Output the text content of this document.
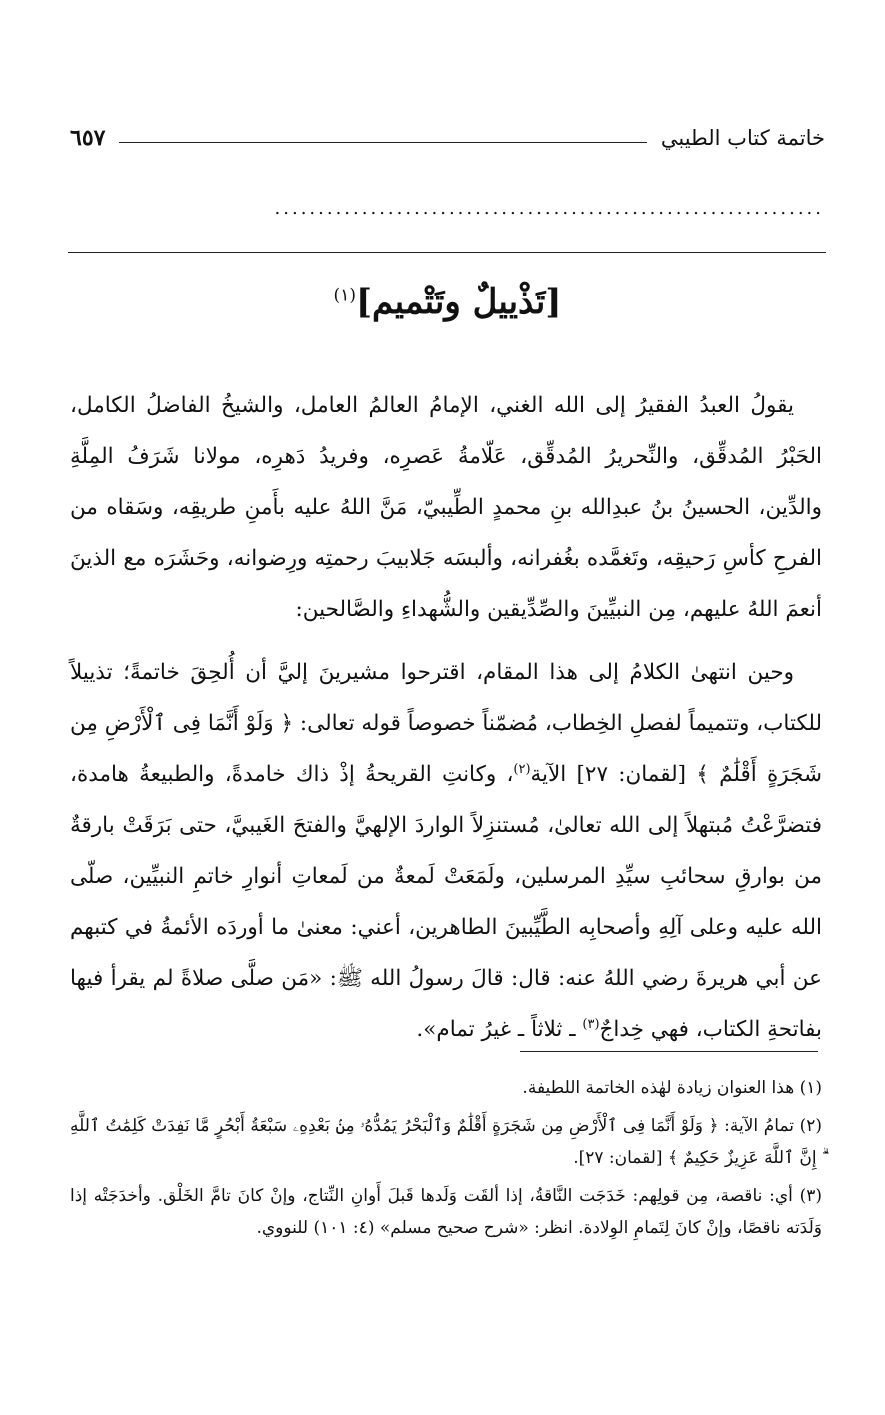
خاتمة كتاب الطيبي
٦٥٧
...............................................................
[تَذْييلٌ وتَتْميم]$^{(١)}$

يقولُ العبدُ الفقيرُ إلى الله الغني، الإمامُ العالمُ العامل، والشيخُ الفاضلُ الكامل، الحَبْرُ المُدقِّق، والنِّحريرُ المُدقِّق، عَلّامةُ عَصرِه، وفريدُ دَهرِه، مولانا شَرَفُ المِلَّةِ والدِّين، الحسينُ بنُ عبدِالله بنِ محمدٍ الطِّيبيّ، مَنَّ اللهُ عليه بأَمنِ طريقِه، وسَقاه من الفرحِ كأسِ رَحيقِه، وتَغمَّده بغُفرانه، وألبسَه جَلابيبَ رحمتِه ورِضوانه، وحَشَرَه مع الذينَ أنعمَ اللهُ عليهم، مِن النبيِّينَ والصِّدِّيقين والشُّهداءِ والصَّالحين:

وحين انتهىٰ الكلامُ إلى هذا المقام، اقترحوا مشيرينَ إليَّ أن أُلحِقَ خاتمةً؛ تذييلاً للكتاب، وتتميماً لفصلِ الخِطاب، مُضمّناً خصوصاً قوله تعالى: ﴿ وَلَوْ أَنَّمَا فِى ٱلْأَرْضِ مِن شَجَرَةٍ أَقْلَٰمٌ ﴾ [لقمان: ٢٧] الآية$^{(٢)}$، وكانتِ القريحةُ إذْ ذاك خامدةً، والطبيعةُ هامدة، فتضرَّعْتُ مُبتهلاً إلى الله تعالىٰ، مُستنزِلاً الواردَ الإلهيَّ والفتحَ الغَيبيَّ، حتى بَرَقَتْ بارقةٌ من بوارقِ سحائبِ سيِّدِ المرسلين، ولَمَعَتْ لَمعةٌ من لَمعاتِ أنوارِ خاتمِ النبيِّين، صلّى الله عليه وعلى آلِهِ وأصحابِه الطَّيِّبينَ الطاهرين، أعني: معنىٰ ما أوردَه الأئمةُ في كتبهم عن أبي هريرةَ رضي اللهُ عنه: قال: قالَ رسولُ الله ﷺ: «مَن صلَّى صلاةً لم يقرأ فيها بفاتحةِ الكتاب، فهي خِداجٌ$^{(٣)}$ ـ ثلاثاً ـ غيرُ تمام».

(١) هذا العنوان زيادة لهٰذه الخاتمة اللطيفة.

(٢) تمامُ الآية: ﴿ وَلَوْ أَنَّمَا فِى ٱلْأَرْضِ مِن شَجَرَةٍ أَقْلَٰمٌ وَٱلْبَحْرُ يَمُدُّهُۥ مِنۢ بَعْدِهِۦ سَبْعَةُ أَبْحُرٍ مَّا نَفِدَتْ كَلِمَٰتُ ٱللَّهِ ۗ إِنَّ ٱللَّهَ عَزِيزٌ حَكِيمٌ ﴾ [لقمان: ٢٧].

(٣) أي: ناقصة، مِن قولِهم: خَدَجَت النَّاقةُ، إذا ألقَت وَلَدها قَبلَ أَوانِ النِّتاج، وإنْ كانَ تامَّ الخَلْق. وأخدَجَتْه إذا وَلَدَته ناقصًا، وإنْ كانَ لِتَمامِ الوِلادة. انظر: «شرح صحيح مسلم» (٤: ١٠١) للنووي.
